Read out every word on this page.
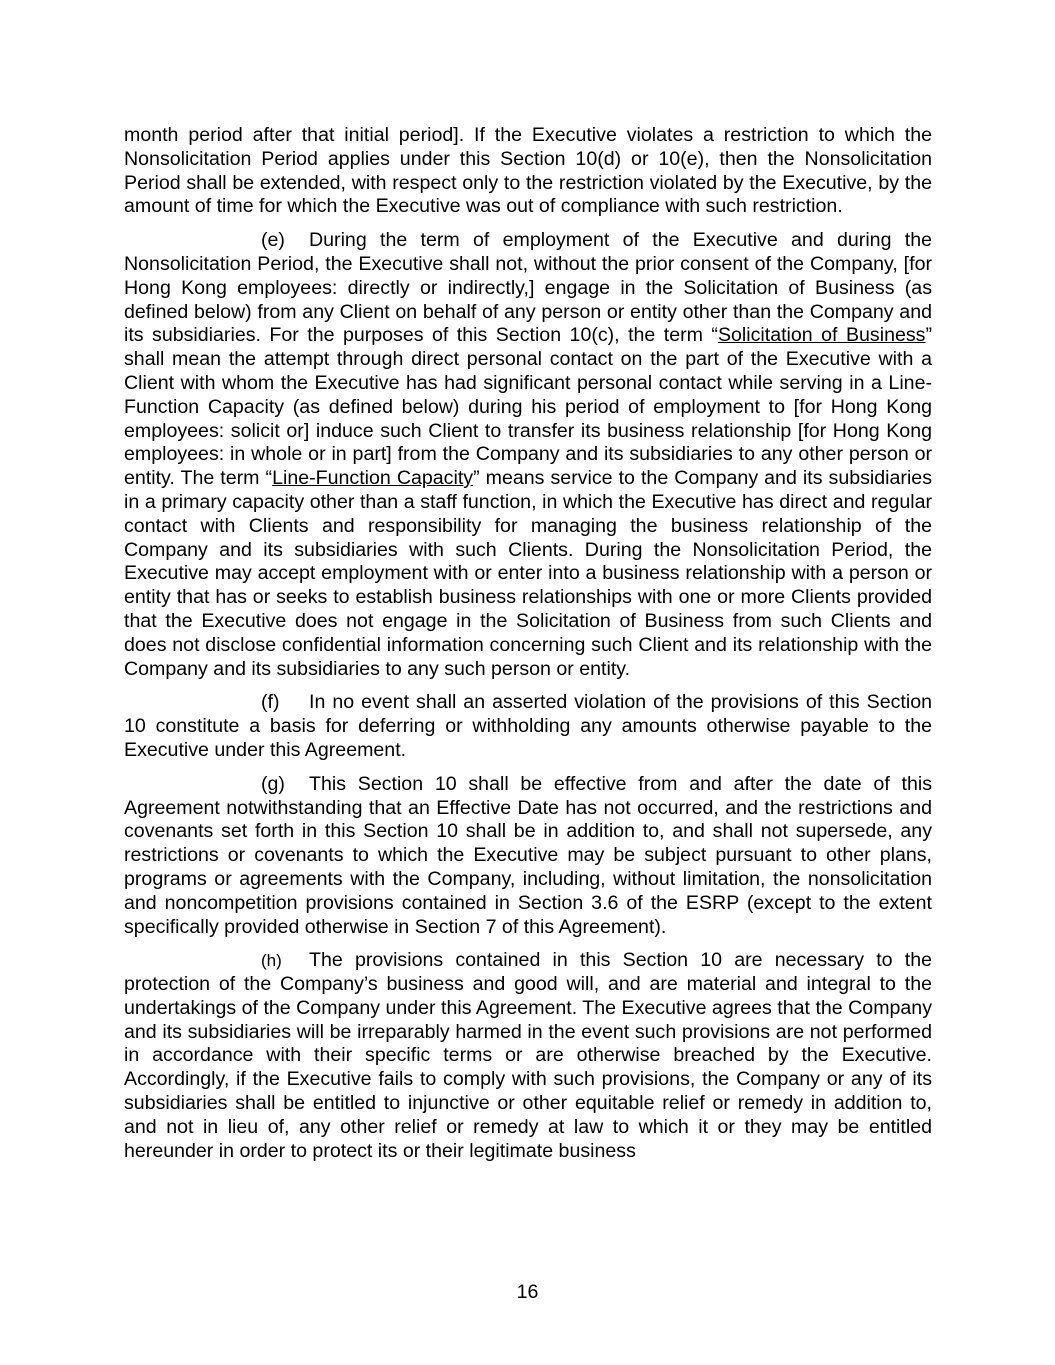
month period after that initial period]. If the Executive violates a restriction to which the Nonsolicitation Period applies under this Section 10(d) or 10(e), then the Nonsolicitation Period shall be extended, with respect only to the restriction violated by the Executive, by the amount of time for which the Executive was out of compliance with such restriction.

(e) During the term of employment of the Executive and during the Nonsolicitation Period, the Executive shall not, without the prior consent of the Company, [for Hong Kong employees: directly or indirectly,] engage in the Solicitation of Business (as defined below) from any Client on behalf of any person or entity other than the Company and its subsidiaries. For the purposes of this Section 10(c), the term “Solicitation of Business” shall mean the attempt through direct personal contact on the part of the Executive with a Client with whom the Executive has had significant personal contact while serving in a Line-Function Capacity (as defined below) during his period of employment to [for Hong Kong employees: solicit or] induce such Client to transfer its business relationship [for Hong Kong employees: in whole or in part] from the Company and its subsidiaries to any other person or entity. The term “Line-Function Capacity” means service to the Company and its subsidiaries in a primary capacity other than a staff function, in which the Executive has direct and regular contact with Clients and responsibility for managing the business relationship of the Company and its subsidiaries with such Clients. During the Nonsolicitation Period, the Executive may accept employment with or enter into a business relationship with a person or entity that has or seeks to establish business relationships with one or more Clients provided that the Executive does not engage in the Solicitation of Business from such Clients and does not disclose confidential information concerning such Client and its relationship with the Company and its subsidiaries to any such person or entity.

(f) In no event shall an asserted violation of the provisions of this Section 10 constitute a basis for deferring or withholding any amounts otherwise payable to the Executive under this Agreement.

(g) This Section 10 shall be effective from and after the date of this Agreement notwithstanding that an Effective Date has not occurred, and the restrictions and covenants set forth in this Section 10 shall be in addition to, and shall not supersede, any restrictions or covenants to which the Executive may be subject pursuant to other plans, programs or agreements with the Company, including, without limitation, the nonsolicitation and noncompetition provisions contained in Section 3.6 of the ESRP (except to the extent specifically provided otherwise in Section 7 of this Agreement).

(h) The provisions contained in this Section 10 are necessary to the protection of the Company’s business and good will, and are material and integral to the undertakings of the Company under this Agreement. The Executive agrees that the Company and its subsidiaries will be irreparably harmed in the event such provisions are not performed in accordance with their specific terms or are otherwise breached by the Executive. Accordingly, if the Executive fails to comply with such provisions, the Company or any of its subsidiaries shall be entitled to injunctive or other equitable relief or remedy in addition to, and not in lieu of, any other relief or remedy at law to which it or they may be entitled hereunder in order to protect its or their legitimate business

16
